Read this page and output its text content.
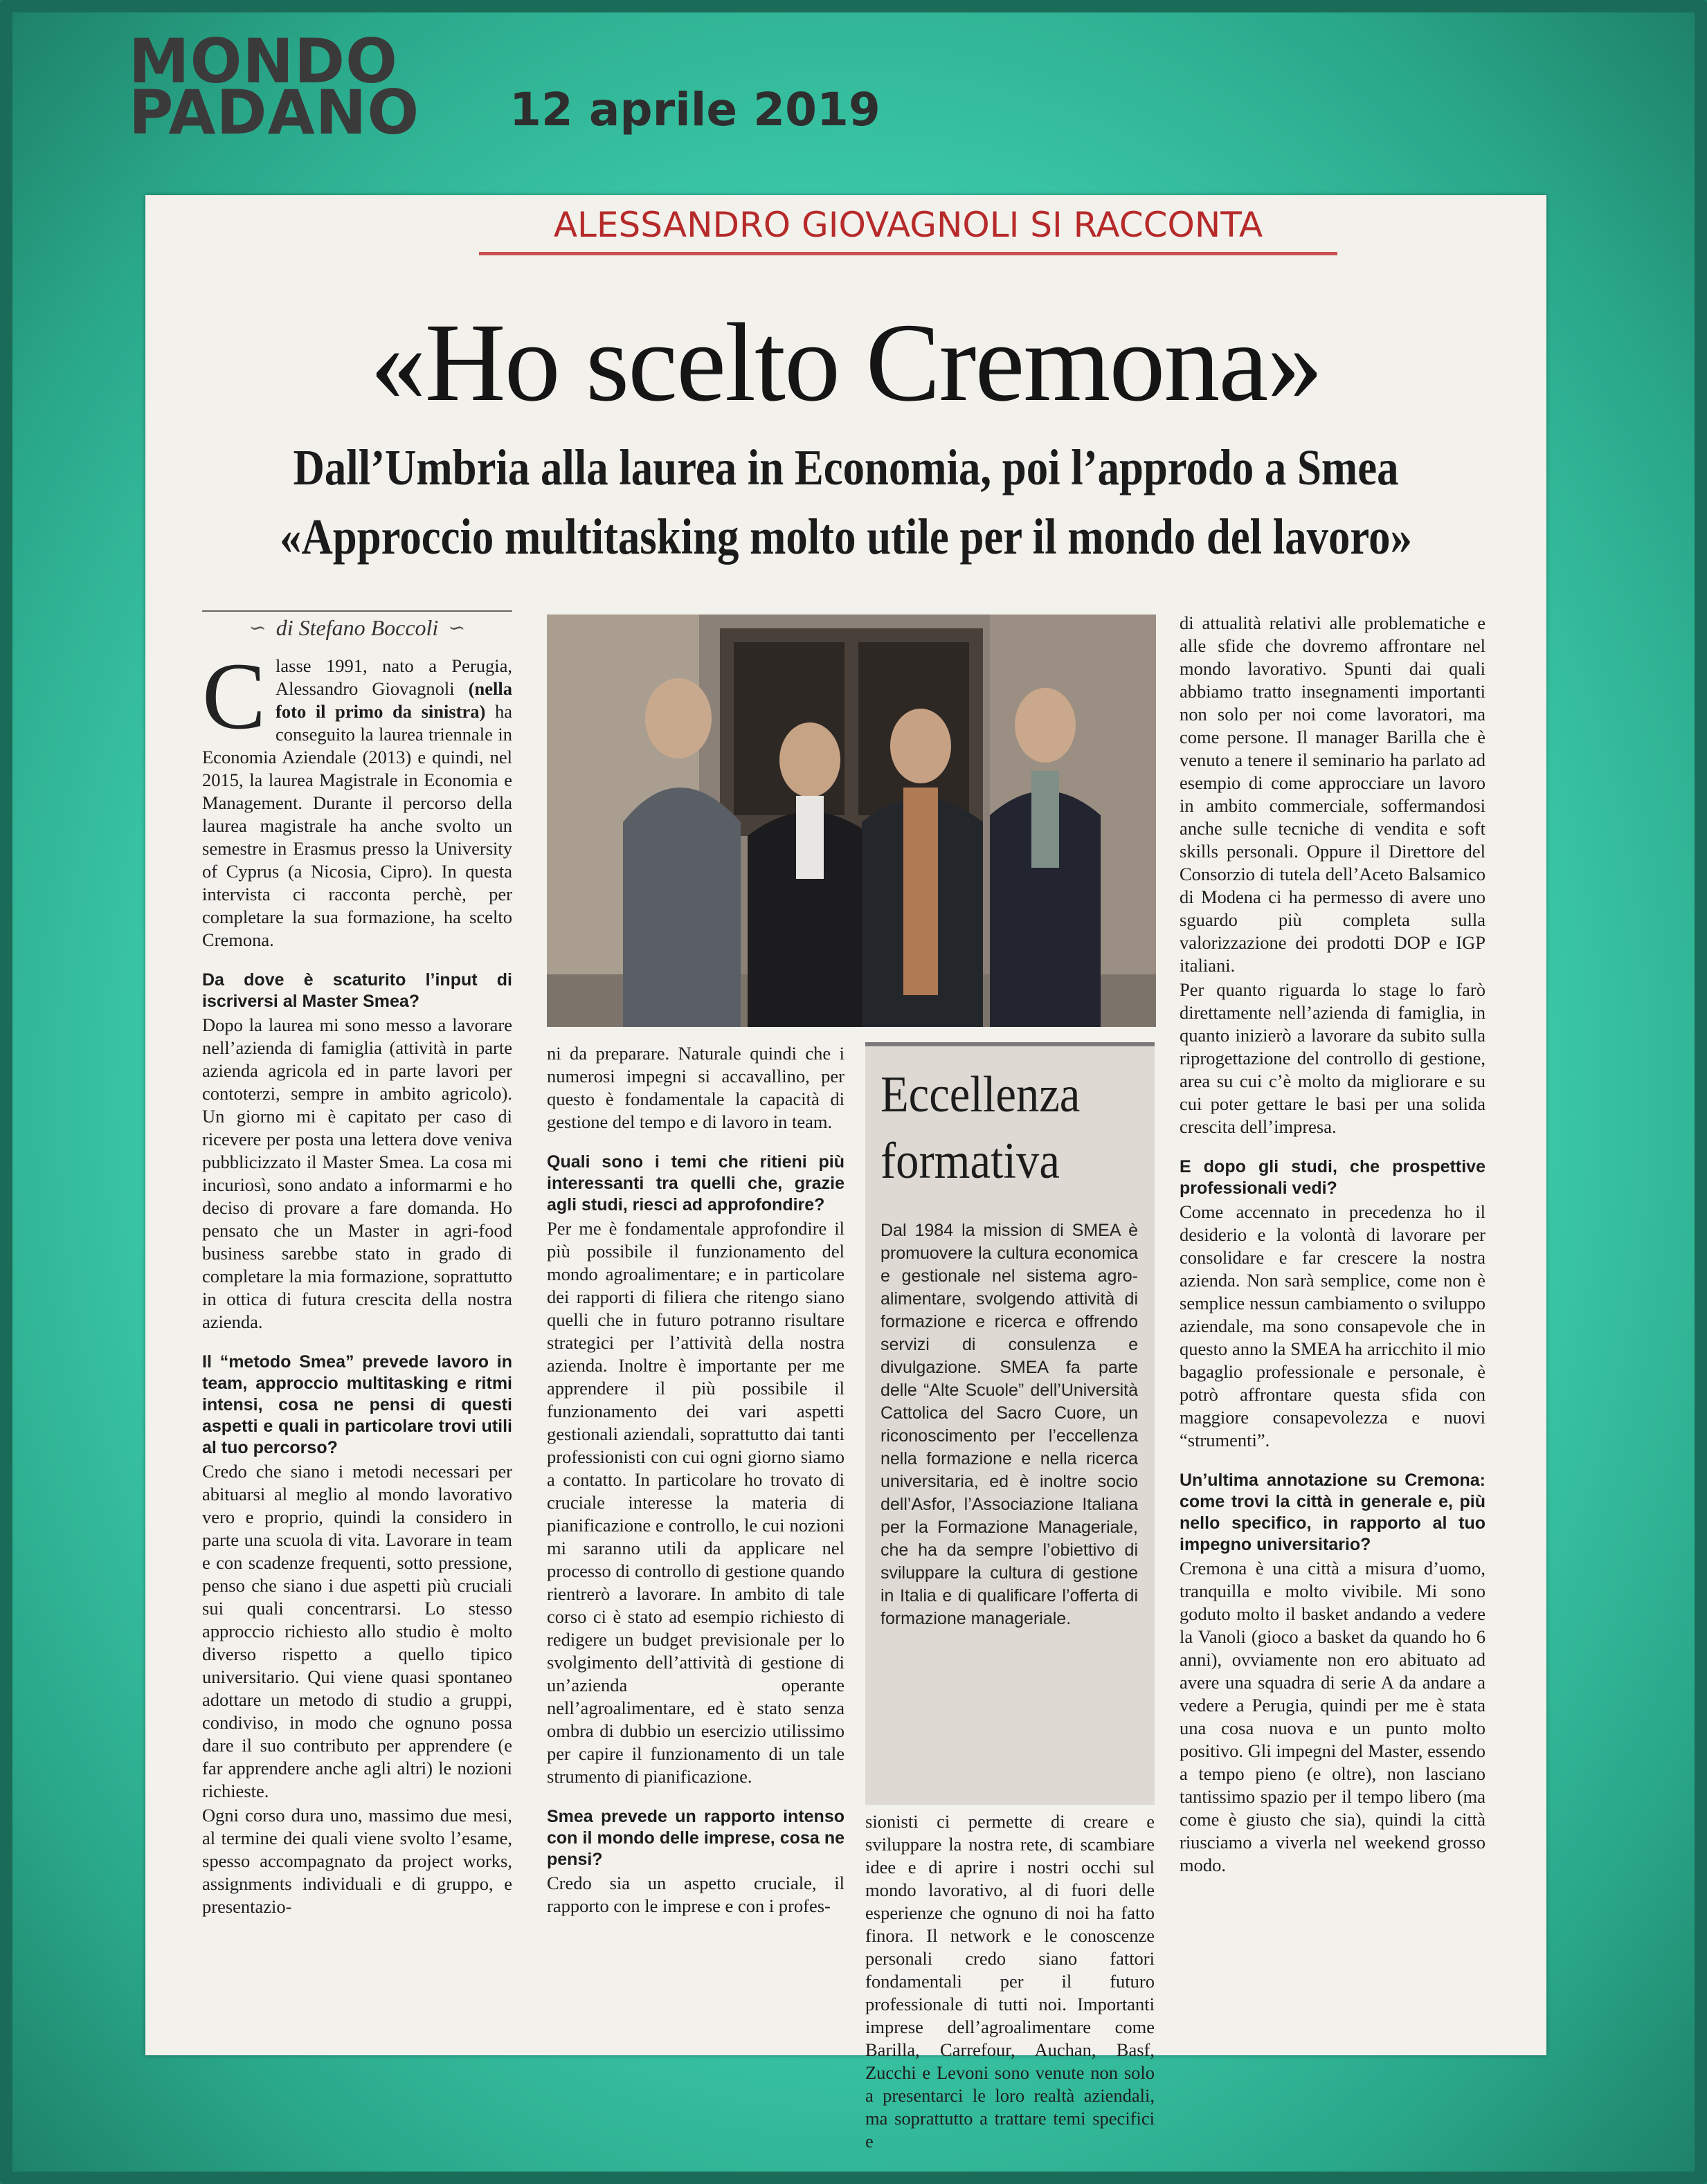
MONDO
PADANO 12 aprile 2019
ALESSANDRO GIOVAGNOLI SI RACCONTA
«Ho scelto Cremona»
Dall’Umbria alla laurea in Economia, poi l’approdo a Smea
«Approccio multitasking molto utile per il mondo del lavoro»
∽ di Stefano Boccoli ∽

Classe 1991, nato a Perugia, Alessandro Giovagnoli (nella foto il primo da sinistra) ha conseguito la laurea triennale in Economia Aziendale (2013) e quindi, nel 2015, la laurea Magistrale in Economia e Management. Durante il percorso della laurea magistrale ha anche svolto un semestre in Erasmus presso la University of Cyprus (a Nicosia, Cipro). In questa intervista ci racconta perchè, per completare la sua formazione, ha scelto Cremona.

Da dove è scaturito l’input di iscriversi al Master Smea?

Dopo la laurea mi sono messo a lavorare nell’azienda di famiglia (attività in parte azienda agricola ed in parte lavori per contoterzi, sempre in ambito agricolo). Un giorno mi è capitato per caso di ricevere per posta una lettera dove veniva pubblicizzato il Master Smea. La cosa mi incuriosì, sono andato a informarmi e ho deciso di provare a fare domanda. Ho pensato che un Master in agri-food business sarebbe stato in grado di completare la mia formazione, soprattutto in ottica di futura crescita della nostra azienda.

Il “metodo Smea” prevede lavoro in team, approccio multitasking e ritmi intensi, cosa ne pensi di questi aspetti e quali in particolare trovi utili al tuo percorso?

Credo che siano i metodi necessari per abituarsi al meglio al mondo lavorativo vero e proprio, quindi la considero in parte una scuola di vita. Lavorare in team e con scadenze frequenti, sotto pressione, penso che siano i due aspetti più cruciali sui quali concentrarsi. Lo stesso approccio richiesto allo studio è molto diverso rispetto a quello tipico universitario. Qui viene quasi spontaneo adottare un metodo di studio a gruppi, condiviso, in modo che ognuno possa dare il suo contributo per apprendere (e far apprendere anche agli altri) le nozioni richieste.

Ogni corso dura uno, massimo due mesi, al termine dei quali viene svolto l’esame, spesso accompagnato da project works, assignments individuali e di gruppo, e presentazio-

ni da preparare. Naturale quindi che i numerosi impegni si accavallino, per questo è fondamentale la capacità di gestione del tempo e di lavoro in team.

Quali sono i temi che ritieni più interessanti tra quelli che, grazie agli studi, riesci ad approfondire?

Per me è fondamentale approfondire il più possibile il funzionamento del mondo agroalimentare; e in particolare dei rapporti di filiera che ritengo siano quelli che in futuro potranno risultare strategici per l’attività della nostra azienda. Inoltre è importante per me apprendere il più possibile il funzionamento dei vari aspetti gestionali aziendali, soprattutto dai tanti professionisti con cui ogni giorno siamo a contatto. In particolare ho trovato di cruciale interesse la materia di pianificazione e controllo, le cui nozioni mi saranno utili da applicare nel processo di controllo di gestione quando rientrerò a lavorare. In ambito di tale corso ci è stato ad esempio richiesto di redigere un budget previsionale per lo svolgimento dell’attività di gestione di un’azienda operante nell’agroalimentare, ed è stato senza ombra di dubbio un esercizio utilissimo per capire il funzionamento di un tale strumento di pianificazione.

Smea prevede un rapporto intenso con il mondo delle imprese, cosa ne pensi?

Credo sia un aspetto cruciale, il rapporto con le imprese e con i profes-

Eccellenza
formativa
Dal 1984 la mission di SMEA è promuovere la cultura economica e gestionale nel sistema agro-alimentare, svolgendo attività di formazione e ricerca e offrendo servizi di consulenza e divulgazione. SMEA fa parte delle “Alte Scuole” dell’Università Cattolica del Sacro Cuore, un riconoscimento per l’eccellenza nella formazione e nella ricerca universitaria, ed è inoltre socio dell’Asfor, l’Associazione Italiana per la Formazione Manageriale, che ha da sempre l’obiettivo di sviluppare la cultura di gestione in Italia e di qualificare l’offerta di formazione manageriale.

sionisti ci permette di creare e sviluppare la nostra rete, di scambiare idee e di aprire i nostri occhi sul mondo lavorativo, al di fuori delle esperienze che ognuno di noi ha fatto finora. Il network e le conoscenze personali credo siano fattori fondamentali per il futuro professionale di tutti noi. Importanti imprese dell’agroalimentare come Barilla, Carrefour, Auchan, Basf, Zucchi e Levoni sono venute non solo a presentarci le loro realtà aziendali, ma soprattutto a trattare temi specifici e

di attualità relativi alle problematiche e alle sfide che dovremo affrontare nel mondo lavorativo. Spunti dai quali abbiamo tratto insegnamenti importanti non solo per noi come lavoratori, ma come persone. Il manager Barilla che è venuto a tenere il seminario ha parlato ad esempio di come approcciare un lavoro in ambito commerciale, soffermandosi anche sulle tecniche di vendita e soft skills personali. Oppure il Direttore del Consorzio di tutela dell’Aceto Balsamico di Modena ci ha permesso di avere uno sguardo più completa sulla valorizzazione dei prodotti DOP e IGP italiani.

Per quanto riguarda lo stage lo farò direttamente nell’azienda di famiglia, in quanto inizierò a lavorare da subito sulla riprogettazione del controllo di gestione, area su cui c’è molto da migliorare e su cui poter gettare le basi per una solida crescita dell’impresa.

E dopo gli studi, che prospettive professionali vedi?

Come accennato in precedenza ho il desiderio e la volontà di lavorare per consolidare e far crescere la nostra azienda. Non sarà semplice, come non è semplice nessun cambiamento o sviluppo aziendale, ma sono consapevole che in questo anno la SMEA ha arricchito il mio bagaglio professionale e personale, è potrò affrontare questa sfida con maggiore consapevolezza e nuovi “strumenti”.

Un’ultima annotazione su Cremona: come trovi la città in generale e, più nello specifico, in rapporto al tuo impegno universitario?

Cremona è una città a misura d’uomo, tranquilla e molto vivibile. Mi sono goduto molto il basket andando a vedere la Vanoli (gioco a basket da quando ho 6 anni), ovviamente non ero abituato ad avere una squadra di serie A da andare a vedere a Perugia, quindi per me è stata una cosa nuova e un punto molto positivo. Gli impegni del Master, essendo a tempo pieno (e oltre), non lasciano tantissimo spazio per il tempo libero (ma come è giusto che sia), quindi la città riusciamo a viverla nel weekend grosso modo.
